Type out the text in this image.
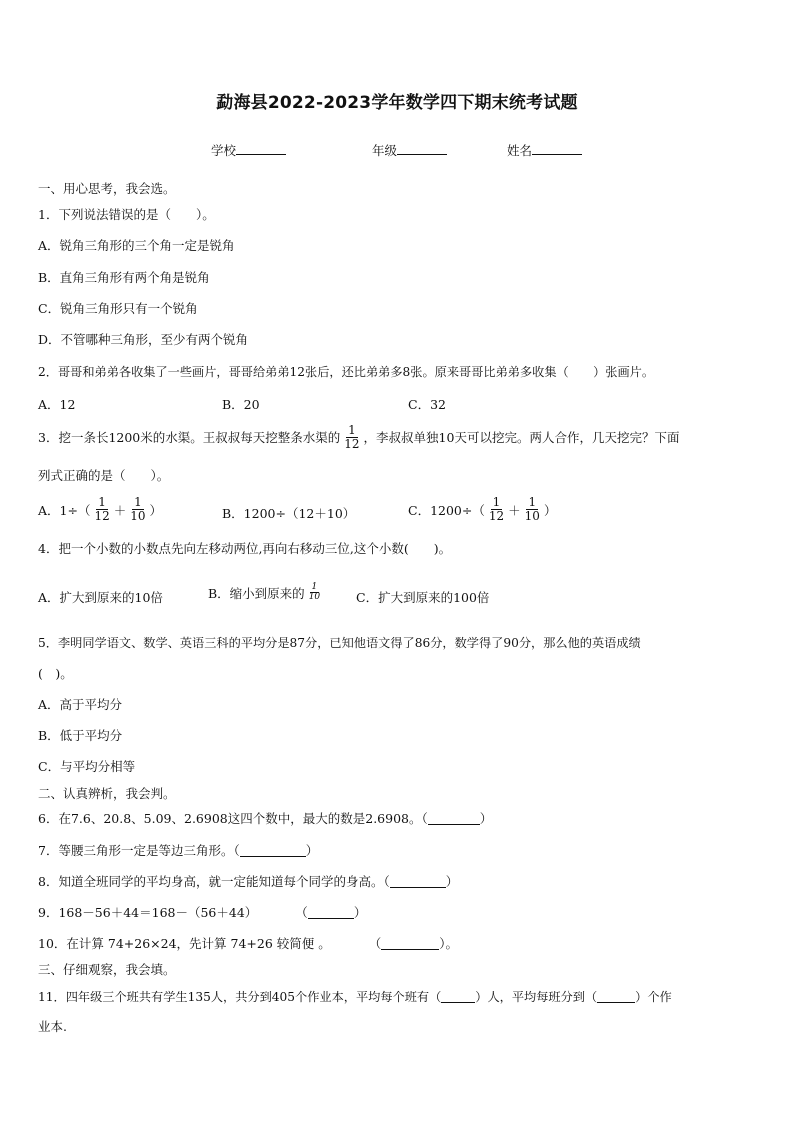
勐海县2022-2023学年数学四下期末统考试题
学校	年级	姓名
一、用心思考，我会选。
1．下列说法错误的是（　　）。
A．锐角三角形的三个角一定是锐角
B．直角三角形有两个角是锐角
C．锐角三角形只有一个锐角
D．不管哪种三角形，至少有两个锐角
2．哥哥和弟弟各收集了一些画片，哥哥给弟弟12张后，还比弟弟多8张。原来哥哥比弟弟多收集（　　）张画片。
A．12	B．20	C．32
3．挖一条长1200米的水渠。王叔叔每天挖整条水渠的 $\frac{1}{12}$ ，李叔叔单独10天可以挖完。两人合作，几天挖完？下面
列式正确的是（　　）。
A．$1\div( \frac{1}{12} + \frac{1}{10}$ ）	B．1200÷（12＋10）	C．$1200\div( \frac{1}{12} + \frac{1}{10}$ ）
4．把一个小数的小数点先向左移动两位,再向右移动三位,这个小数(　　)。
A．扩大到原来的10倍	B．缩小到原来的 $\frac{1}{10}$	C．扩大到原来的100倍
5．李明同学语文、数学、英语三科的平均分是87分，已知他语文得了86分，数学得了90分，那么他的英语成绩
(　)。
A．高于平均分
B．低于平均分
C．与平均分相等
二、认真辨析，我会判。
6．在7.6、20.8、5.09、2.6908这四个数中，最大的数是2.6908。（	）
7．等腰三角形一定是等边三角形。（	）
8．知道全班同学的平均身高，就一定能知道每个同学的身高。（	）
9．168－56＋44＝168－（56＋44）	（	）
10．在计算 74+26×24，先计算 74+26 较简便 。	（	）。
三、仔细观察，我会填。
11．四年级三个班共有学生135人，共分到405个作业本，平均每个班有（	）人，平均每班分到（	）个作
业本.
